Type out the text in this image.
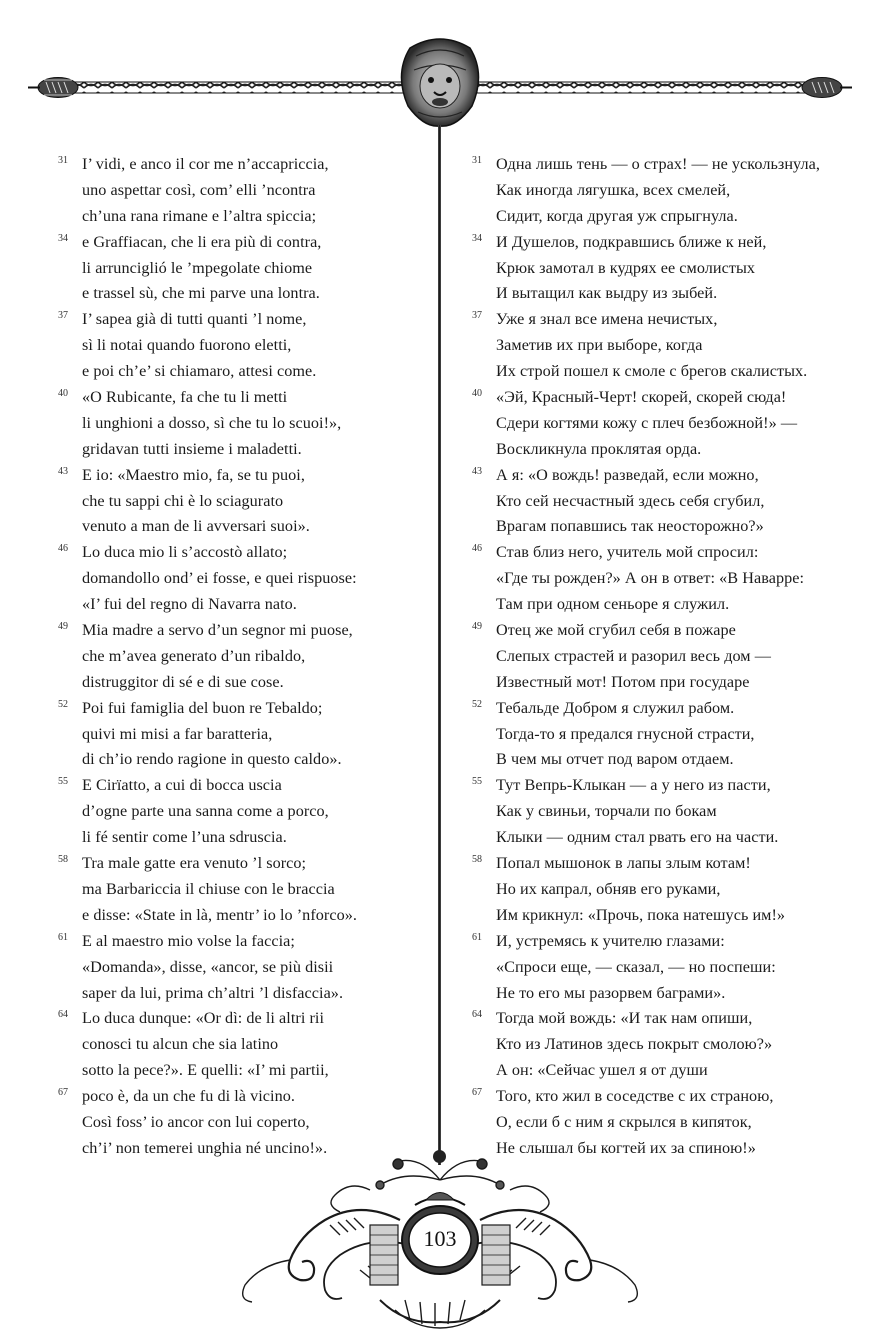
31 I’ vidi, e anco il cor me n’accapriccia,
uno aspettar così, com’ elli ’ncontra
ch’una rana rimane e l’altra spiccia;
34 e Graffiacan, che li era più di contra,
li arrunciglió le ’mpegolate chiome
e trassel sù, che mi parve una lontra.
37 I’ sapea già di tutti quanti ’l nome,
sì li notai quando fuorono eletti,
e poi ch’e’ si chiamaro, attesi come.
40 «O Rubicante, fa che tu li metti
li unghioni a dosso, sì che tu lo scuoi!»,
gridavan tutti insieme i maladetti.
43 E io: «Maestro mio, fa, se tu puoi,
che tu sappi chi è lo sciagurato
venuto a man de li avversari suoi».
46 Lo duca mio li s’accostò allato;
domandollo ond’ ei fosse, e quei rispuose:
«I’ fui del regno di Navarra nato.
49 Mia madre a servo d’un segnor mi puose,
che m’avea generato d’un ribaldo,
distruggitor di sé e di sue cose.
52 Poi fui famiglia del buon re Tebaldo;
quivi mi misi a far baratteria,
di ch’io rendo ragione in questo caldo».
55 E Cirïatto, a cui di bocca uscia
d’ogne parte una sanna come a porco,
li fé sentir come l’una sdruscia.
58 Tra male gatte era venuto ’l sorco;
ma Barbariccia il chiuse con le braccia
e disse: «State in là, mentr’ io lo ’nforco».
61 E al maestro mio volse la faccia;
«Domanda», disse, «ancor, se più disii
saper da lui, prima ch’altri ’l disfaccia».
64 Lo duca dunque: «Or dì: de li altri rii
conosci tu alcun che sia latino
sotto la pece?». E quelli: «I’ mi partii,
67 poco è, da un che fu di là vicino.
Così foss’ io ancor con lui coperto,
ch’i’ non temerei unghia né uncino!».
31 Одна лишь тень — о страх! — не ускользнула,
Как иногда лягушка, всех смелей,
Сидит, когда другая уж спрыгнула.
34 И Душелов, подкравшись ближе к ней,
Крюк замотал в кудрях ее смолистых
И вытащил как выдру из зыбей.
37 Уже я знал все имена нечистых,
Заметив их при выборе, когда
Их строй пошел к смоле с брегов скалистых.
40 «Эй, Красный-Черт! скорей, скорей сюда!
Сдери когтями кожу с плеч безбожной!» —
Воскликнула проклятая орда.
43 А я: «О вождь! разведай, если можно,
Кто сей несчастный здесь себя сгубил,
Врагам попавшись так неосторожно?»
46 Став близ него, учитель мой спросил:
«Где ты рожден?» А он в ответ: «В Наварре:
Там при одном сеньоре я служил.
49 Отец же мой сгубил себя в пожаре
Слепых страстей и разорил весь дом —
Известный мот! Потом при государе
52 Тебальде Добром я служил рабом.
Тогда-то я предался гнусной страсти,
В чем мы отчет под варом отдаем.
55 Тут Вепрь-Клыкан — а у него из пасти,
Как у свиньи, торчали по бокам
Клыки — одним стал рвать его на части.
58 Попал мышонок в лапы злым котам!
Но их капрал, обняв его руками,
Им крикнул: «Прочь, пока натешусь им!»
61 И, устремясь к учителю глазами:
«Спроси еще, — сказал, — но поспеши:
Не то его мы разорвем баграми».
64 Тогда мой вождь: «И так нам опиши,
Кто из Латинов здесь покрыт смолою?»
А он: «Сейчас ушел я от души
67 Того, кто жил в соседстве с их страною,
О, если б с ним я скрылся в кипяток,
Не слышал бы когтей их за спиною!»
103
